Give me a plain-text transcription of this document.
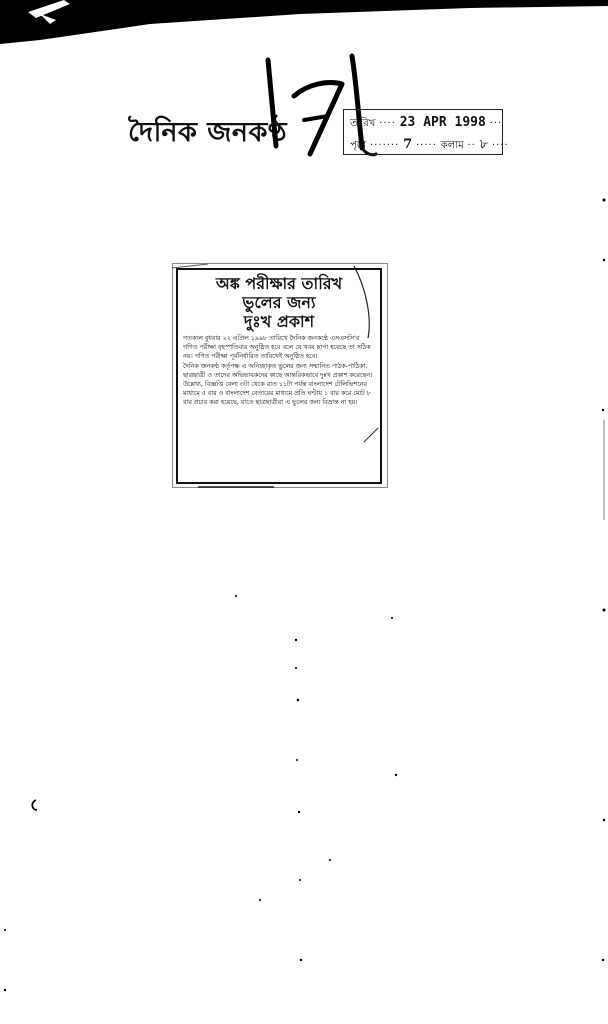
দৈনিক জনকণ্ঠ	তারিখ ···· 23 APR 1998 ···
পৃষ্ঠা ······· 7 ····· কলাম ·· ৮ ····
অঙ্ক পরীক্ষার তারিখ
ভুলের জন্য
দুঃখ প্রকাশ

গতকাল বুধবার ২২ এপ্রিল ১৯৯৮ তারিখে দৈনিক জনকণ্ঠে এসএসসি'র গণিত পরীক্ষা বৃহস্পতিবার অনুষ্ঠিত হবে বলে যে খবর ছাপা হয়েছে তা সঠিক নয়। গণিত পরীক্ষা পূর্বনির্ধারিত তারিখেই অনুষ্ঠিত হবে।

দৈনিক জনকণ্ঠ কর্তৃপক্ষ এ অনিচ্ছাকৃত ভুলের জন্য সম্মানিত পাঠক-পাঠিকা, ছাত্রছাত্রী ও তাদের অভিভাবকদের কাছে আন্তরিকভাবে দুঃখ প্রকাশ করেছেন।

উল্লেখ্য, বিজ্ঞপ্তি বেলা ৩টা থেকে রাত ১১টা পর্যন্ত বাংলাদেশ টেলিভিশনের মাধ্যমে ৫ বার ও বাংলাদেশ বেতারের মাধ্যমে প্রতি ঘণ্টায় ১ বার করে মোট ৮ বার প্রচার করা হয়েছে, যাতে ছাত্রছাত্রীরা এ ভুলের জন্য বিভ্রান্ত না হয়।
